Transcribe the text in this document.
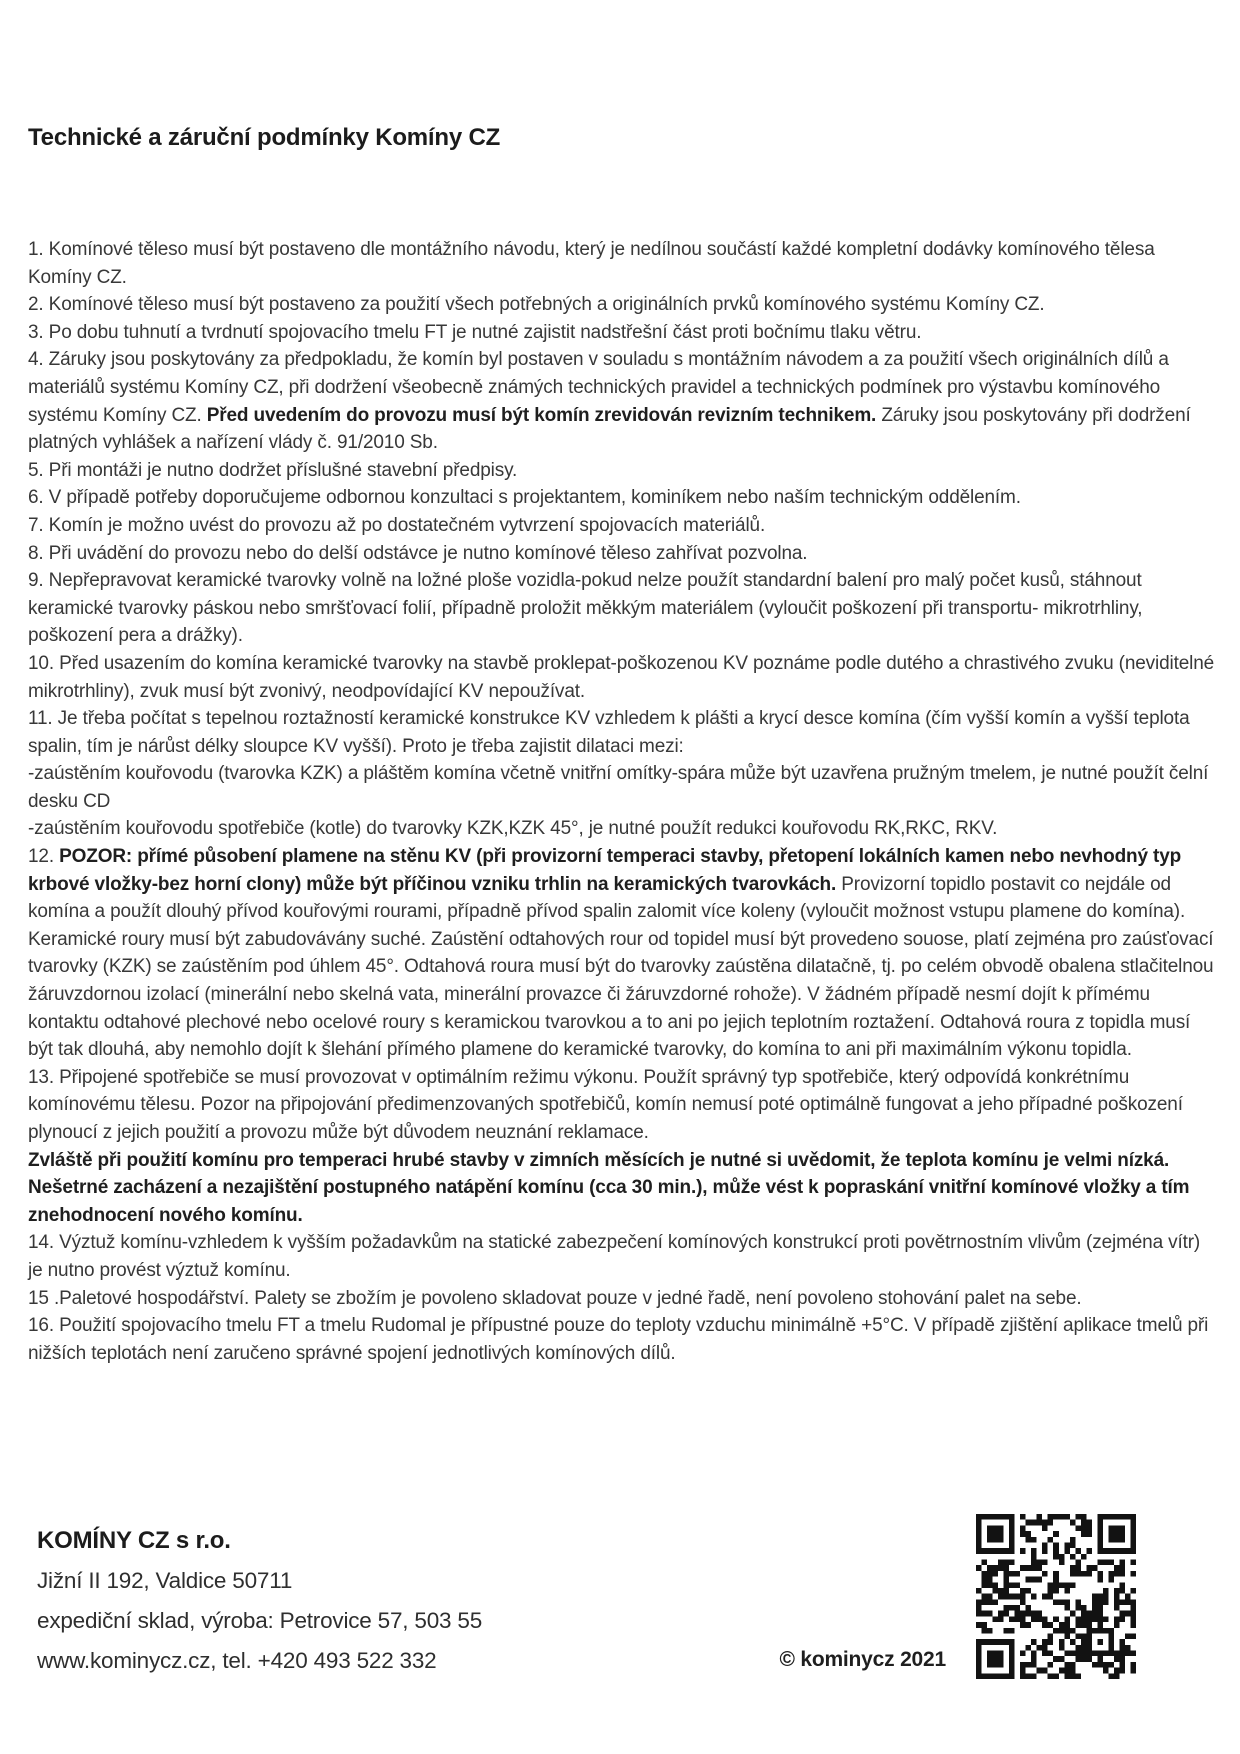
Technické a záruční podmínky Komíny CZ

1. Komínové těleso musí být postaveno dle montážního návodu, který je nedílnou součástí každé kompletní dodávky komínového tělesa Komíny CZ.

2. Komínové těleso musí být postaveno za použití všech potřebných a originálních prvků komínového systému Komíny CZ.

3. Po dobu tuhnutí a tvrdnutí spojovacího tmelu FT je nutné zajistit nadstřešní část proti bočnímu tlaku větru.

4. Záruky jsou poskytovány za předpokladu, že komín byl postaven v souladu s montážním návodem a za použití všech originálních dílů a materiálů systému Komíny CZ, při dodržení všeobecně známých technických pravidel a technických podmínek pro výstavbu komínového systému Komíny CZ. Před uvedením do provozu musí být komín zrevidován revizním technikem. Záruky jsou poskytovány při dodržení platných vyhlášek a nařízení vlády č. 91/2010 Sb.

5. Při montáži je nutno dodržet příslušné stavební předpisy.

6. V případě potřeby doporučujeme odbornou konzultaci s projektantem, kominíkem nebo naším technickým oddělením.

7. Komín je možno uvést do provozu až po dostatečném vytvrzení spojovacích materiálů.

8. Při uvádění do provozu nebo do delší odstávce je nutno komínové těleso zahřívat pozvolna.

9. Nepřepravovat keramické tvarovky volně na ložné ploše vozidla-pokud nelze použít standardní balení pro malý počet kusů, stáhnout keramické tvarovky páskou nebo smršťovací folií, případně proložit měkkým materiálem (vyloučit poškození při transportu- mikrotrhliny, poškození pera a drážky).

10. Před usazením do komína keramické tvarovky na stavbě proklepat-poškozenou KV poznáme podle dutého a chrastivého zvuku (neviditelné mikrotrhliny), zvuk musí být zvonivý, neodpovídající KV nepoužívat.

11. Je třeba počítat s tepelnou roztažností keramické konstrukce KV vzhledem k plášti a krycí desce komína (čím vyšší komín a vyšší teplota spalin, tím je nárůst délky sloupce KV vyšší). Proto je třeba zajistit dilataci mezi:

-zaústěním kouřovodu (tvarovka KZK) a pláštěm komína včetně vnitřní omítky-spára může být uzavřena pružným tmelem, je nutné použít čelní desku CD

-zaústěním kouřovodu spotřebiče (kotle) do tvarovky KZK,KZK 45°, je nutné použít redukci kouřovodu RK,RKC, RKV.

12. POZOR: přímé působení plamene na stěnu KV (při provizorní temperaci stavby, přetopení lokálních kamen nebo nevhodný typ krbové vložky-bez horní clony) může být příčinou vzniku trhlin na keramických tvarovkách. Provizorní topidlo postavit co nejdále od komína a použít dlouhý přívod kouřovými rourami, případně přívod spalin zalomit více koleny (vyloučit možnost vstupu plamene do komína). Keramické roury musí být zabudovávány suché. Zaústění odtahových rour od topidel musí být provedeno souose, platí zejména pro zaúsťovací tvarovky (KZK) se zaústěním pod úhlem 45°. Odtahová roura musí být do tvarovky zaústěna dilatačně, tj. po celém obvodě obalena stlačitelnou žáruvzdornou izolací (minerální nebo skelná vata, minerální provazce či žáruvzdorné rohože). V žádném případě nesmí dojít k přímému kontaktu odtahové plechové nebo ocelové roury s keramickou tvarovkou a to ani po jejich teplotním roztažení. Odtahová roura z topidla musí být tak dlouhá, aby nemohlo dojít k šlehání přímého plamene do keramické tvarovky, do komína to ani při maximálním výkonu topidla.

13. Připojené spotřebiče se musí provozovat v optimálním režimu výkonu. Použít správný typ spotřebiče, který odpovídá konkrétnímu komínovému tělesu. Pozor na připojování předimenzovaných spotřebičů, komín nemusí poté optimálně fungovat a jeho případné poškození plynoucí z jejich použití a provozu může být důvodem neuznání reklamace.

Zvláště při použití komínu pro temperaci hrubé stavby v zimních měsících je nutné si uvědomit, že teplota komínu je velmi nízká. Nešetrné zacházení a nezajištění postupného natápění komínu (cca 30 min.), může vést k popraskání vnitřní komínové vložky a tím znehodnocení nového komínu.

14. Výztuž komínu-vzhledem k vyšším požadavkům na statické zabezpečení komínových konstrukcí proti povětrnostním vlivům (zejména vítr) je nutno provést výztuž komínu.

15 .Paletové hospodářství. Palety se zbožím je povoleno skladovat pouze v jedné řadě, není povoleno stohování palet na sebe.

16. Použití spojovacího tmelu FT a tmelu Rudomal je přípustné pouze do teploty vzduchu minimálně +5°C. V případě zjištění aplikace tmelů při nižších teplotách není zaručeno správné spojení jednotlivých komínových dílů.

KOMÍNY CZ s r.o.
Jižní II 192, Valdice 50711
expediční sklad, výroba: Petrovice 57, 503 55
www.kominycz.cz, tel. +420 493 522 332	© kominycz 2021
